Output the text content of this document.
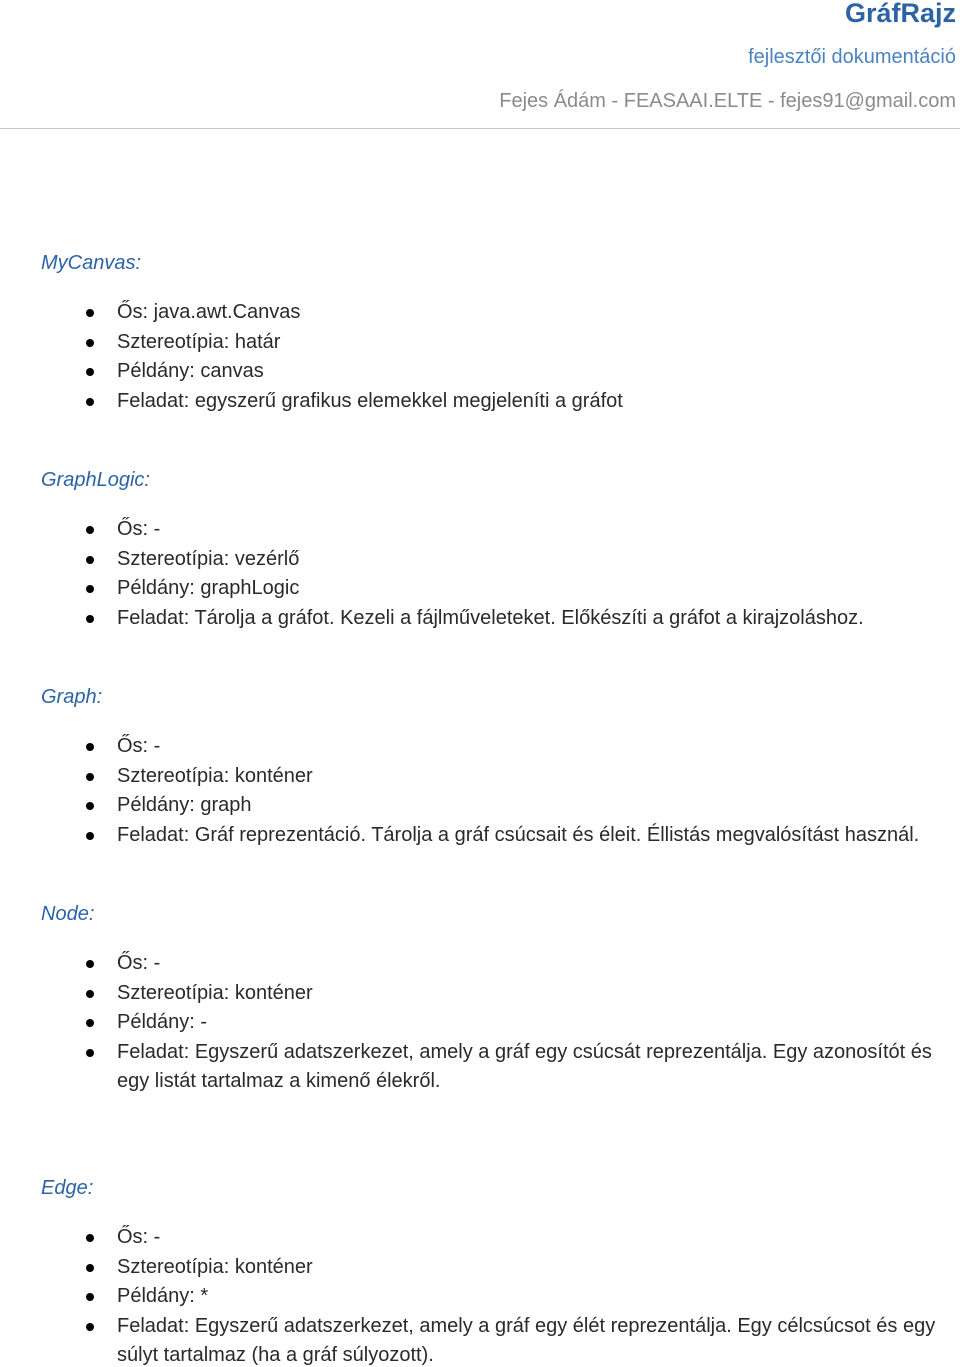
GráfRajz
fejlesztői dokumentáció
Fejes Ádám - FEASAAI.ELTE - fejes91@gmail.com
MyCanvas:
Ős: java.awt.Canvas
Sztereotípia: határ
Példány: canvas
Feladat: egyszerű grafikus elemekkel megjeleníti a gráfot
GraphLogic:
Ős: -
Sztereotípia: vezérlő
Példány: graphLogic
Feladat: Tárolja a gráfot. Kezeli a fájlműveleteket. Előkészíti a gráfot a kirajzoláshoz.
Graph:
Ős: -
Sztereotípia: konténer
Példány: graph
Feladat: Gráf reprezentáció. Tárolja a gráf csúcsait és éleit. Éllistás megvalósítást használ.
Node:
Ős: -
Sztereotípia: konténer
Példány: -
Feladat: Egyszerű adatszerkezet, amely a gráf egy csúcsát reprezentálja. Egy azonosítót és egy listát tartalmaz a kimenő élekről.
Edge:
Ős: -
Sztereotípia: konténer
Példány: *
Feladat: Egyszerű adatszerkezet, amely a gráf egy élét reprezentálja. Egy célcsúcsot és egy súlyt tartalmaz (ha a gráf súlyozott).
